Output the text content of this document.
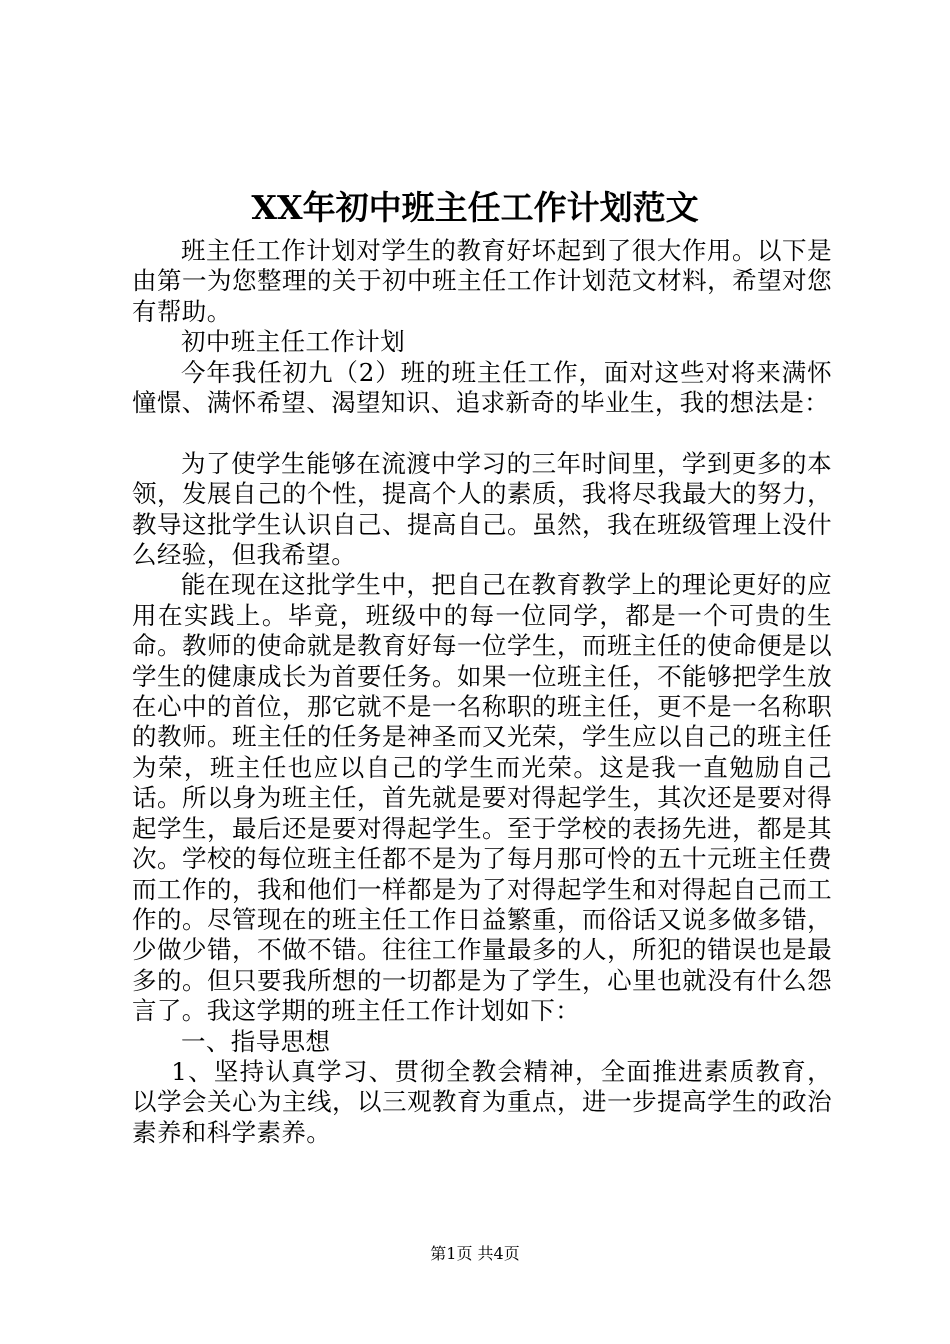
XX年初中班主任工作计划范文

班主任工作计划对学生的教育好坏起到了很大作用。以下是由第一为您整理的关于初中班主任工作计划范文材料，希望对您有帮助。

初中班主任工作计划

今年我任初九（2）班的班主任工作，面对这些对将来满怀憧憬、满怀希望、渴望知识、追求新奇的毕业生，我的想法是：

为了使学生能够在流渡中学习的三年时间里，学到更多的本领，发展自己的个性，提高个人的素质，我将尽我最大的努力，教导这批学生认识自己、提高自己。虽然，我在班级管理上没什么经验，但我希望。

能在现在这批学生中，把自己在教育教学上的理论更好的应用在实践上。毕竟，班级中的每一位同学，都是一个可贵的生命。教师的使命就是教育好每一位学生，而班主任的使命便是以学生的健康成长为首要任务。如果一位班主任，不能够把学生放在心中的首位，那它就不是一名称职的班主任，更不是一名称职的教师。班主任的任务是神圣而又光荣，学生应以自己的班主任为荣，班主任也应以自己的学生而光荣。这是我一直勉励自己话。所以身为班主任，首先就是要对得起学生，其次还是要对得起学生，最后还是要对得起学生。至于学校的表扬先进，都是其次。学校的每位班主任都不是为了每月那可怜的五十元班主任费而工作的，我和他们一样都是为了对得起学生和对得起自己而工作的。尽管现在的班主任工作日益繁重，而俗话又说多做多错，少做少错，不做不错。往往工作量最多的人，所犯的错误也是最多的。但只要我所想的一切都是为了学生，心里也就没有什么怨言了。我这学期的班主任工作计划如下：

一、指导思想

1、坚持认真学习、贯彻全教会精神，全面推进素质教育，以学会关心为主线，以三观教育为重点，进一步提高学生的政治素养和科学素养。

第1页 共4页
